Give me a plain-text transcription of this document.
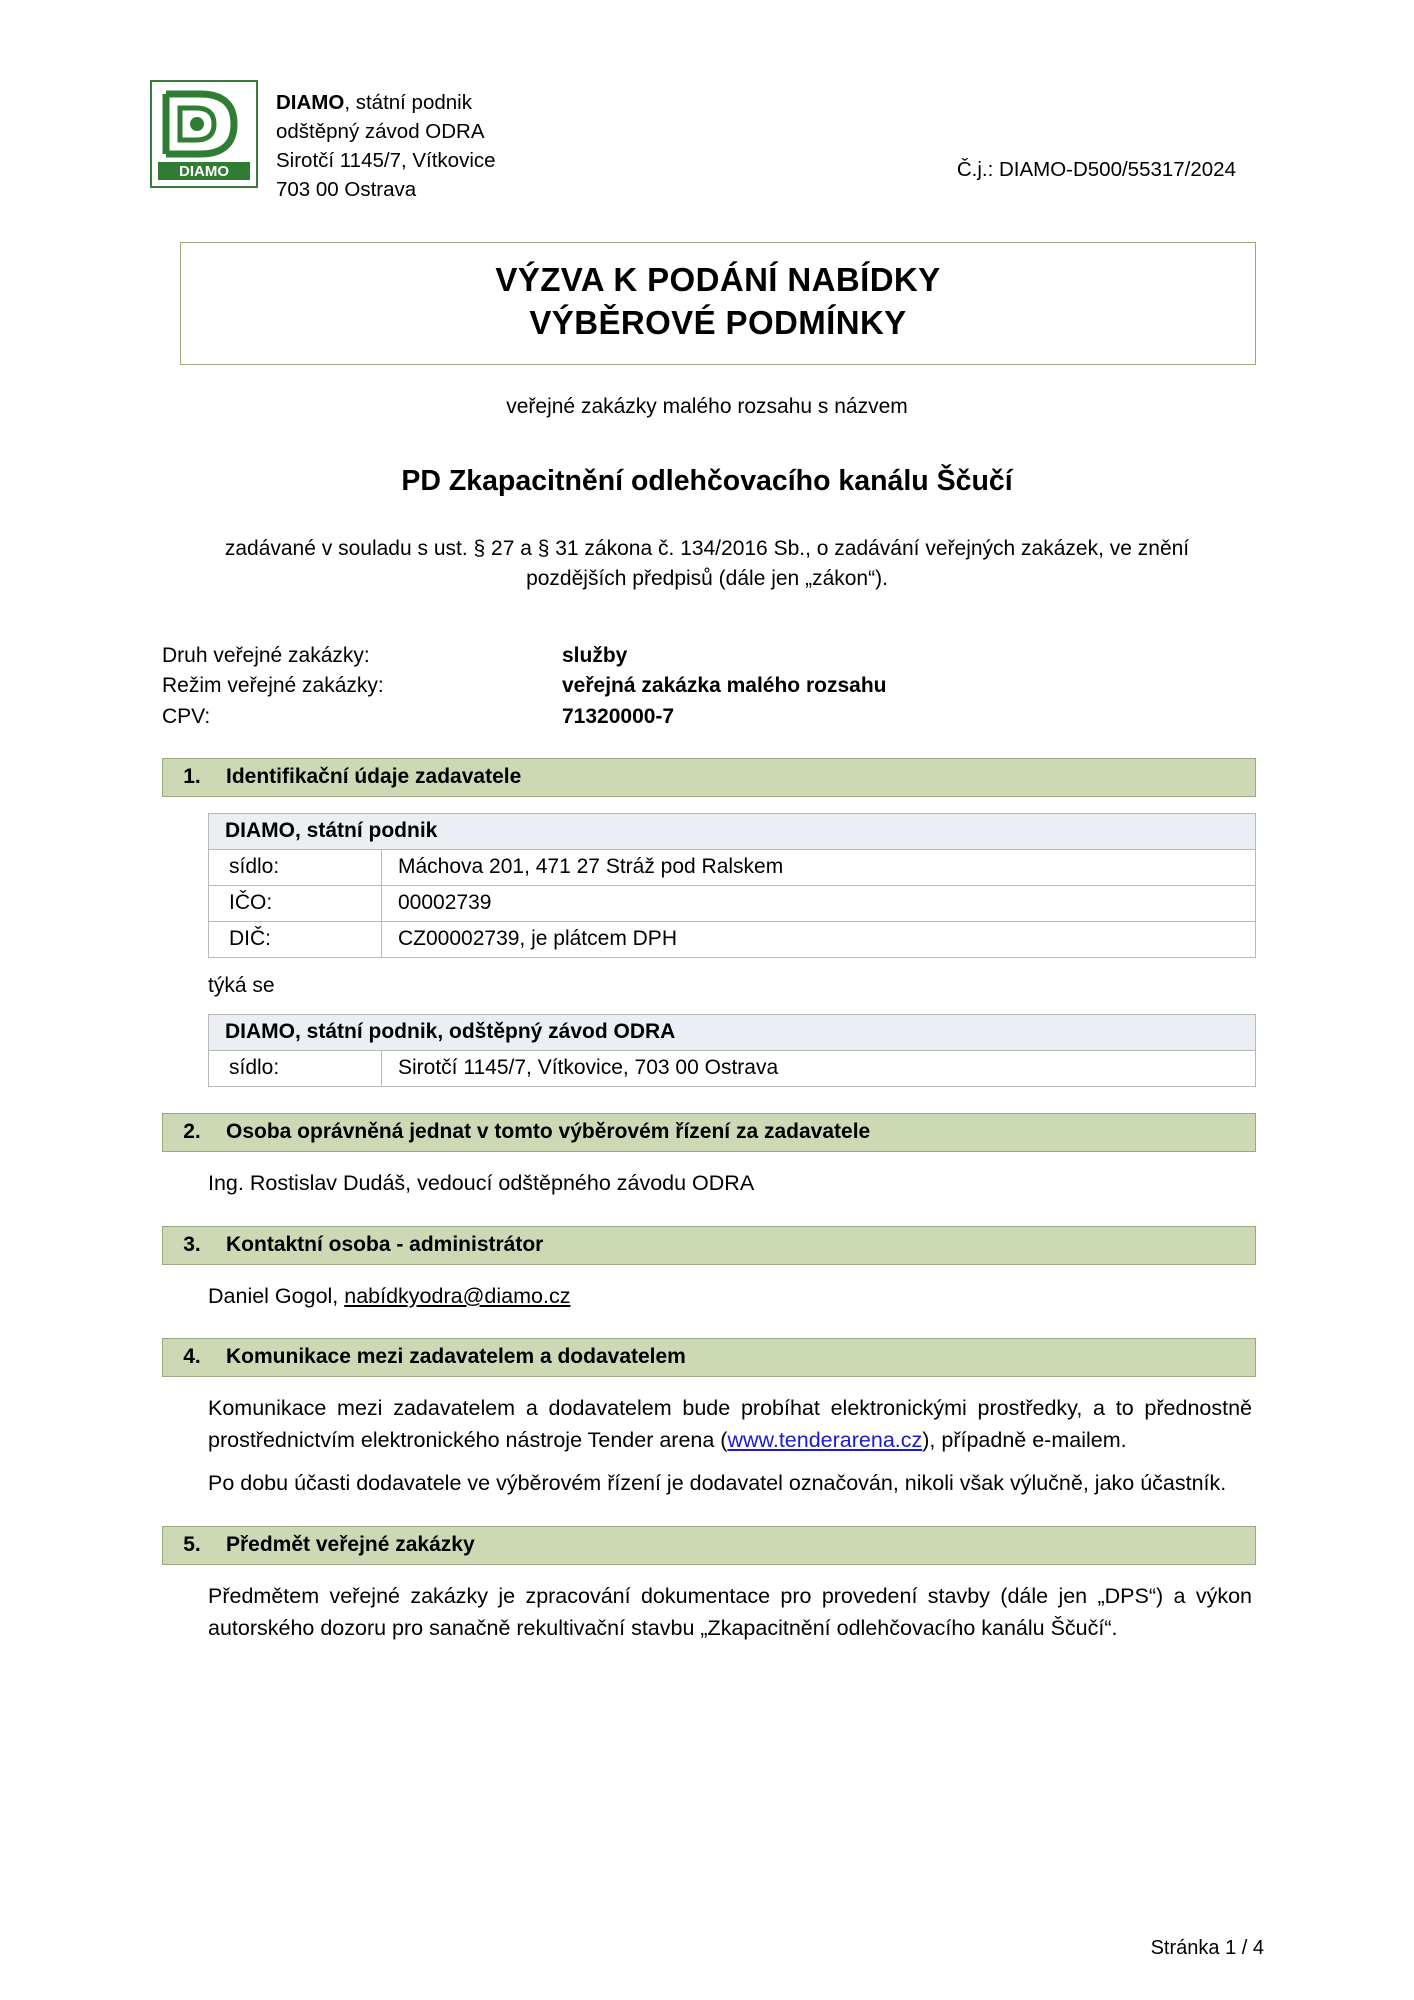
DIAMO
DIAMO, státní podnik
odštěpný závod ODRA
Sirotčí 1145/7, Vítkovice
703 00 Ostrava
Č.j.: DIAMO-D500/55317/2024
VÝZVA K PODÁNÍ NABÍDKY
VÝBĚROVÉ PODMÍNKY
veřejné zakázky malého rozsahu s názvem
PD Zkapacitnění odlehčovacího kanálu Ščučí
zadávané v souladu s ust. § 27 a § 31 zákona č. 134/2016 Sb., o zadávání veřejných zakázek, ve znění pozdějších předpisů (dále jen „zákon“).
Druh veřejné zakázky:	služby
Režim veřejné zakázky:	veřejná zakázka malého rozsahu
CPV:	71320000-7
1.	Identifikační údaje zadavatele
DIAMO, státní podnik	
sídlo:	Máchova 201, 471 27 Stráž pod Ralskem
IČO:	00002739
DIČ:	CZ00002739, je plátcem DPH
týká se
DIAMO, státní podnik, odštěpný závod ODRA
sídlo:	Sirotčí 1145/7, Vítkovice, 703 00 Ostrava
2.	Osoba oprávněná jednat v tomto výběrovém řízení za zadavatele
Ing. Rostislav Dudáš, vedoucí odštěpného závodu ODRA
3.	Kontaktní osoba - administrátor
Daniel Gogol, nabídkyodra@diamo.cz
4.	Komunikace mezi zadavatelem a dodavatelem
Komunikace mezi zadavatelem a dodavatelem bude probíhat elektronickými prostředky, a to přednostně prostřednictvím elektronického nástroje Tender arena (www.tenderarena.cz), případně e-mailem.
Po dobu účasti dodavatele ve výběrovém řízení je dodavatel označován, nikoli však výlučně, jako účastník.
5.	Předmět veřejné zakázky
Předmětem veřejné zakázky je zpracování dokumentace pro provedení stavby (dále jen „DPS“) a výkon autorského dozoru pro sanačně rekultivační stavbu „Zkapacitnění odlehčovacího kanálu Ščučí“.
Stránka 1 / 4
